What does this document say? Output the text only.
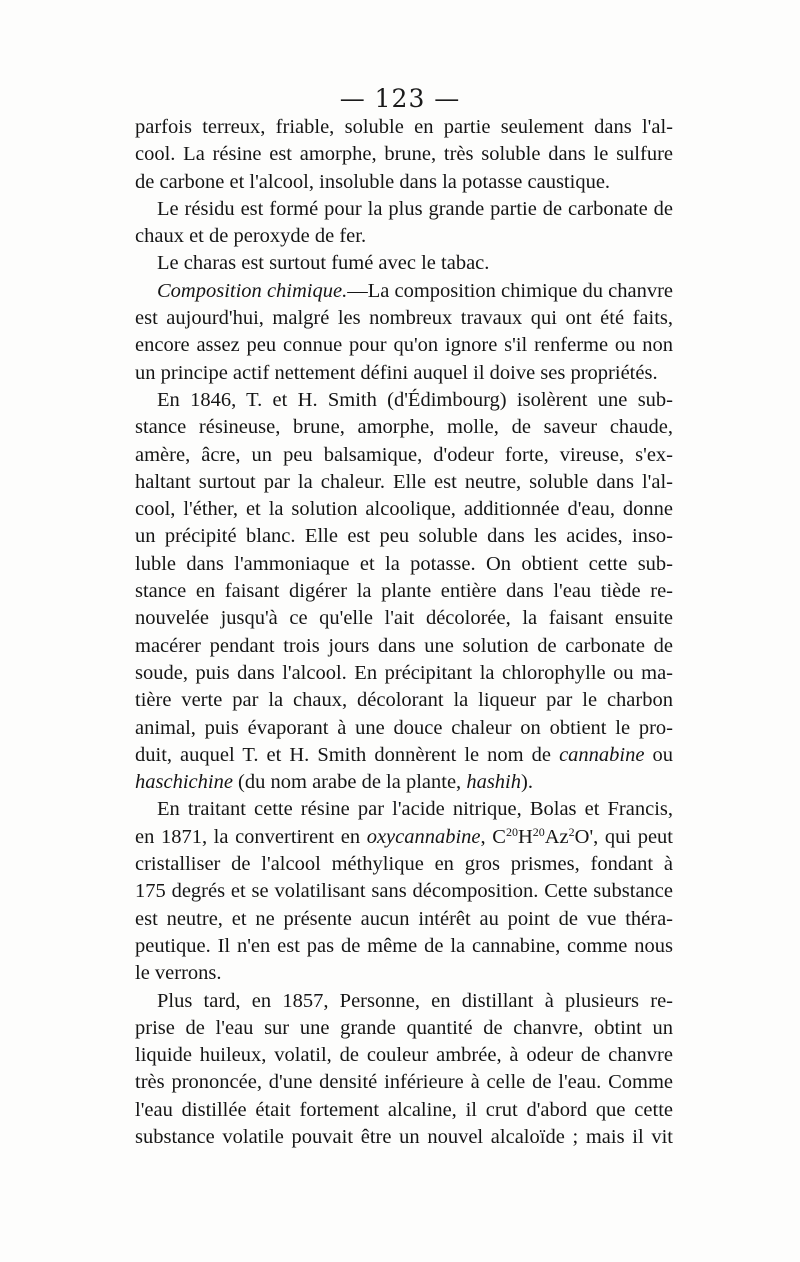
— 123 —
parfois terreux, friable, soluble en partie seulement dans l'al-
cool. La résine est amorphe, brune, très soluble dans le sulfure
de carbone et l'alcool, insoluble dans la potasse caustique.
Le résidu est formé pour la plus grande partie de carbonate de
chaux et de peroxyde de fer.
Le charas est surtout fumé avec le tabac.
Composition chimique.—La composition chimique du chanvre
est aujourd'hui, malgré les nombreux travaux qui ont été faits,
encore assez peu connue pour qu'on ignore s'il renferme ou non
un principe actif nettement défini auquel il doive ses propriétés.
En 1846, T. et H. Smith (d'Édimbourg) isolèrent une sub-
stance résineuse, brune, amorphe, molle, de saveur chaude,
amère, âcre, un peu balsamique, d'odeur forte, vireuse, s'ex-
haltant surtout par la chaleur. Elle est neutre, soluble dans l'al-
cool, l'éther, et la solution alcoolique, additionnée d'eau, donne
un précipité blanc. Elle est peu soluble dans les acides, inso-
luble dans l'ammoniaque et la potasse. On obtient cette sub-
stance en faisant digérer la plante entière dans l'eau tiède re-
nouvelée jusqu'à ce qu'elle l'ait décolorée, la faisant ensuite
macérer pendant trois jours dans une solution de carbonate de
soude, puis dans l'alcool. En précipitant la chlorophylle ou ma-
tière verte par la chaux, décolorant la liqueur par le charbon
animal, puis évaporant à une douce chaleur on obtient le pro-
duit, auquel T. et H. Smith donnèrent le nom de cannabine ou
haschichine (du nom arabe de la plante, hashih).
En traitant cette résine par l'acide nitrique, Bolas et Francis,
en 1871, la convertirent en oxycannabine, $C^{20}H^{20}Az^2O'$, qui peut
cristalliser de l'alcool méthylique en gros prismes, fondant à
175 degrés et se volatilisant sans décomposition. Cette substance
est neutre, et ne présente aucun intérêt au point de vue théra-
peutique. Il n'en est pas de même de la cannabine, comme nous
le verrons.
Plus tard, en 1857, Personne, en distillant à plusieurs re-
prise de l'eau sur une grande quantité de chanvre, obtint un
liquide huileux, volatil, de couleur ambrée, à odeur de chanvre
très prononcée, d'une densité inférieure à celle de l'eau. Comme
l'eau distillée était fortement alcaline, il crut d'abord que cette
substance volatile pouvait être un nouvel alcaloïde ; mais il vit
